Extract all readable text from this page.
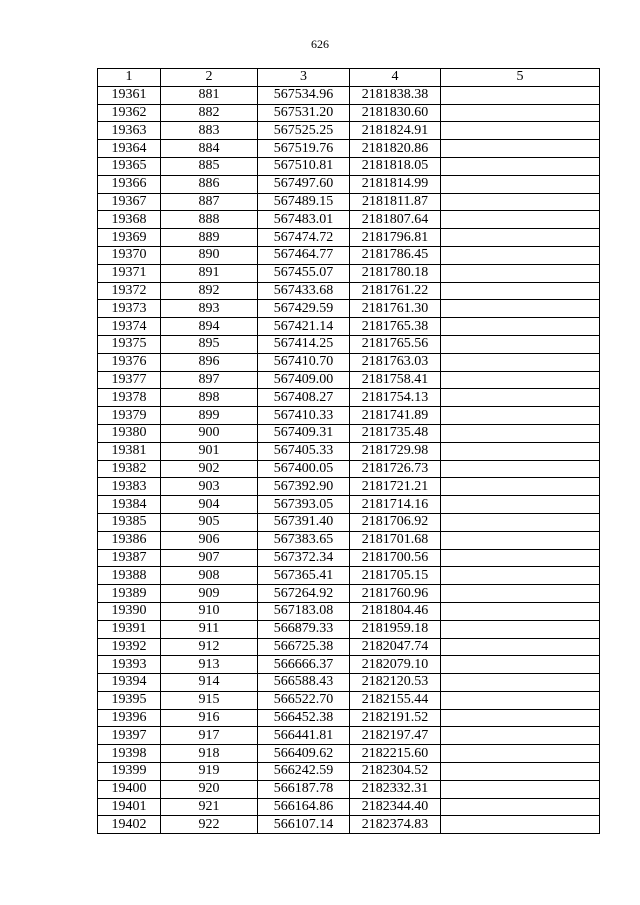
626
1	2	3	4	5
19361	881	567534.96	2181838.38	
19362	882	567531.20	2181830.60	
19363	883	567525.25	2181824.91	
19364	884	567519.76	2181820.86	
19365	885	567510.81	2181818.05	
19366	886	567497.60	2181814.99	
19367	887	567489.15	2181811.87	
19368	888	567483.01	2181807.64	
19369	889	567474.72	2181796.81	
19370	890	567464.77	2181786.45	
19371	891	567455.07	2181780.18	
19372	892	567433.68	2181761.22	
19373	893	567429.59	2181761.30	
19374	894	567421.14	2181765.38	
19375	895	567414.25	2181765.56	
19376	896	567410.70	2181763.03	
19377	897	567409.00	2181758.41	
19378	898	567408.27	2181754.13	
19379	899	567410.33	2181741.89	
19380	900	567409.31	2181735.48	
19381	901	567405.33	2181729.98	
19382	902	567400.05	2181726.73	
19383	903	567392.90	2181721.21	
19384	904	567393.05	2181714.16	
19385	905	567391.40	2181706.92	
19386	906	567383.65	2181701.68	
19387	907	567372.34	2181700.56	
19388	908	567365.41	2181705.15	
19389	909	567264.92	2181760.96	
19390	910	567183.08	2181804.46	
19391	911	566879.33	2181959.18	
19392	912	566725.38	2182047.74	
19393	913	566666.37	2182079.10	
19394	914	566588.43	2182120.53	
19395	915	566522.70	2182155.44	
19396	916	566452.38	2182191.52	
19397	917	566441.81	2182197.47	
19398	918	566409.62	2182215.60	
19399	919	566242.59	2182304.52	
19400	920	566187.78	2182332.31	
19401	921	566164.86	2182344.40	
19402	922	566107.14	2182374.83	
